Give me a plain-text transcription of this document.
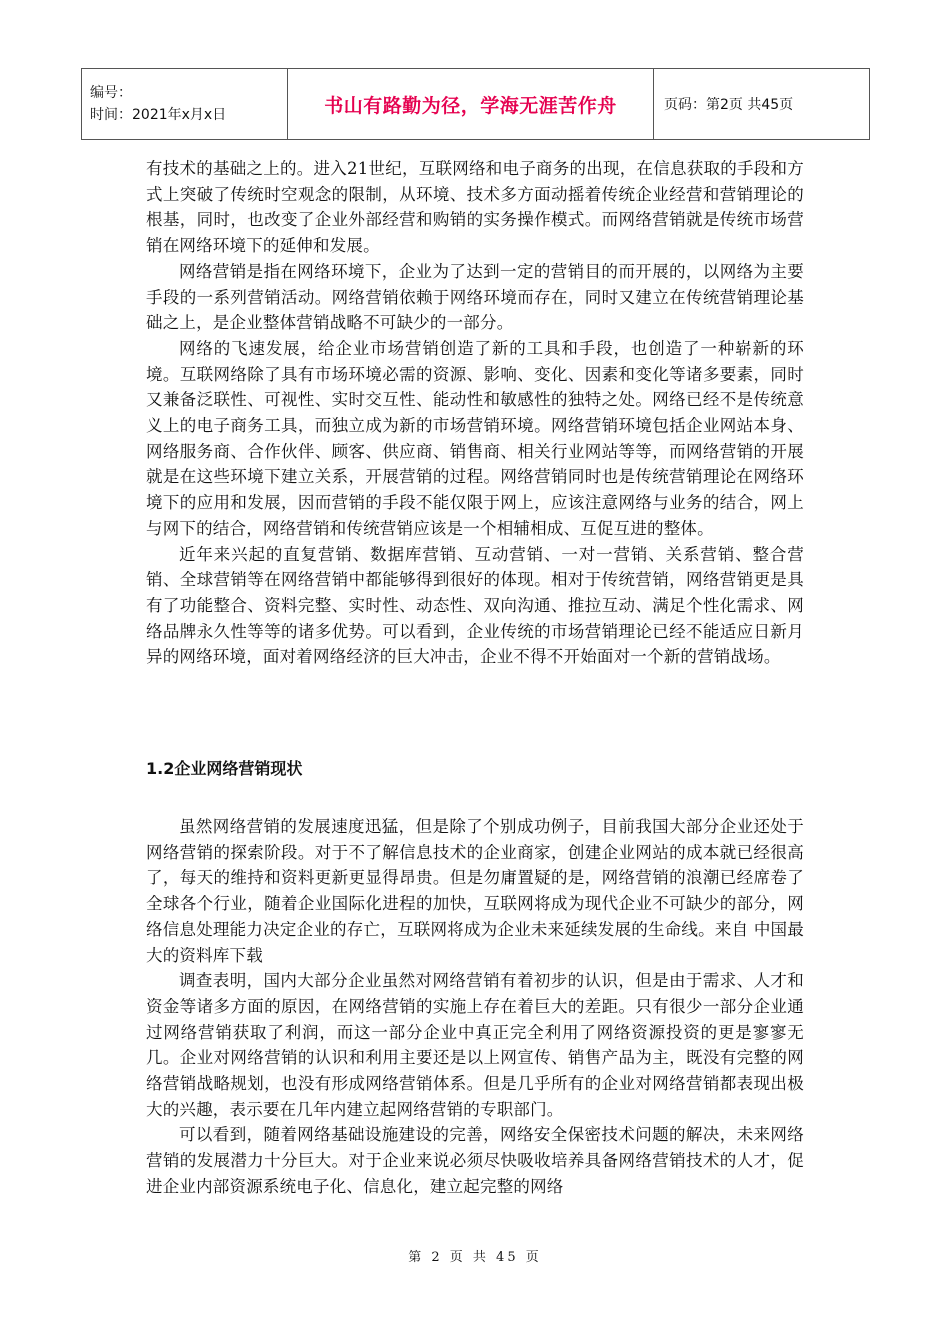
编号：
时间：2021年x月x日	书山有路勤为径，学海无涯苦作舟	页码：第2页 共45页

有技术的基础之上的。进入21世纪，互联网络和电子商务的出现，在信息获取的手段和方式上突破了传统时空观念的限制，从环境、技术多方面动摇着传统企业经营和营销理论的根基，同时，也改变了企业外部经营和购销的实务操作模式。而网络营销就是传统市场营销在网络环境下的延伸和发展。

网络营销是指在网络环境下，企业为了达到一定的营销目的而开展的，以网络为主要手段的一系列营销活动。网络营销依赖于网络环境而存在，同时又建立在传统营销理论基础之上，是企业整体营销战略不可缺少的一部分。

网络的飞速发展，给企业市场营销创造了新的工具和手段，也创造了一种崭新的环境。互联网络除了具有市场环境必需的资源、影响、变化、因素和变化等诸多要素，同时又兼备泛联性、可视性、实时交互性、能动性和敏感性的独特之处。网络已经不是传统意义上的电子商务工具，而独立成为新的市场营销环境。网络营销环境包括企业网站本身、网络服务商、合作伙伴、顾客、供应商、销售商、相关行业网站等等，而网络营销的开展就是在这些环境下建立关系，开展营销的过程。网络营销同时也是传统营销理论在网络环境下的应用和发展，因而营销的手段不能仅限于网上，应该注意网络与业务的结合，网上与网下的结合，网络营销和传统营销应该是一个相辅相成、互促互进的整体。

近年来兴起的直复营销、数据库营销、互动营销、一对一营销、关系营销、整合营销、全球营销等在网络营销中都能够得到很好的体现。相对于传统营销，网络营销更是具有了功能整合、资料完整、实时性、动态性、双向沟通、推拉互动、满足个性化需求、网络品牌永久性等等的诸多优势。可以看到，企业传统的市场营销理论已经不能适应日新月异的网络环境，面对着网络经济的巨大冲击，企业不得不开始面对一个新的营销战场。

1.2企业网络营销现状

虽然网络营销的发展速度迅猛，但是除了个别成功例子，目前我国大部分企业还处于网络营销的探索阶段。对于不了解信息技术的企业商家，创建企业网站的成本就已经很高了，每天的维持和资料更新更显得昂贵。但是勿庸置疑的是，网络营销的浪潮已经席卷了全球各个行业，随着企业国际化进程的加快，互联网将成为现代企业不可缺少的部分，网络信息处理能力决定企业的存亡，互联网将成为企业未来延续发展的生命线。来自 中国最大的资料库下载

调查表明，国内大部分企业虽然对网络营销有着初步的认识，但是由于需求、人才和资金等诸多方面的原因，在网络营销的实施上存在着巨大的差距。只有很少一部分企业通过网络营销获取了利润，而这一部分企业中真正完全利用了网络资源投资的更是寥寥无几。企业对网络营销的认识和利用主要还是以上网宣传、销售产品为主，既没有完整的网络营销战略规划，也没有形成网络营销体系。但是几乎所有的企业对网络营销都表现出极大的兴趣，表示要在几年内建立起网络营销的专职部门。

可以看到，随着网络基础设施建设的完善，网络安全保密技术问题的解决，未来网络营销的发展潜力十分巨大。对于企业来说必须尽快吸收培养具备网络营销技术的人才，促进企业内部资源系统电子化、信息化，建立起完整的网络

第 2 页 共 45 页
